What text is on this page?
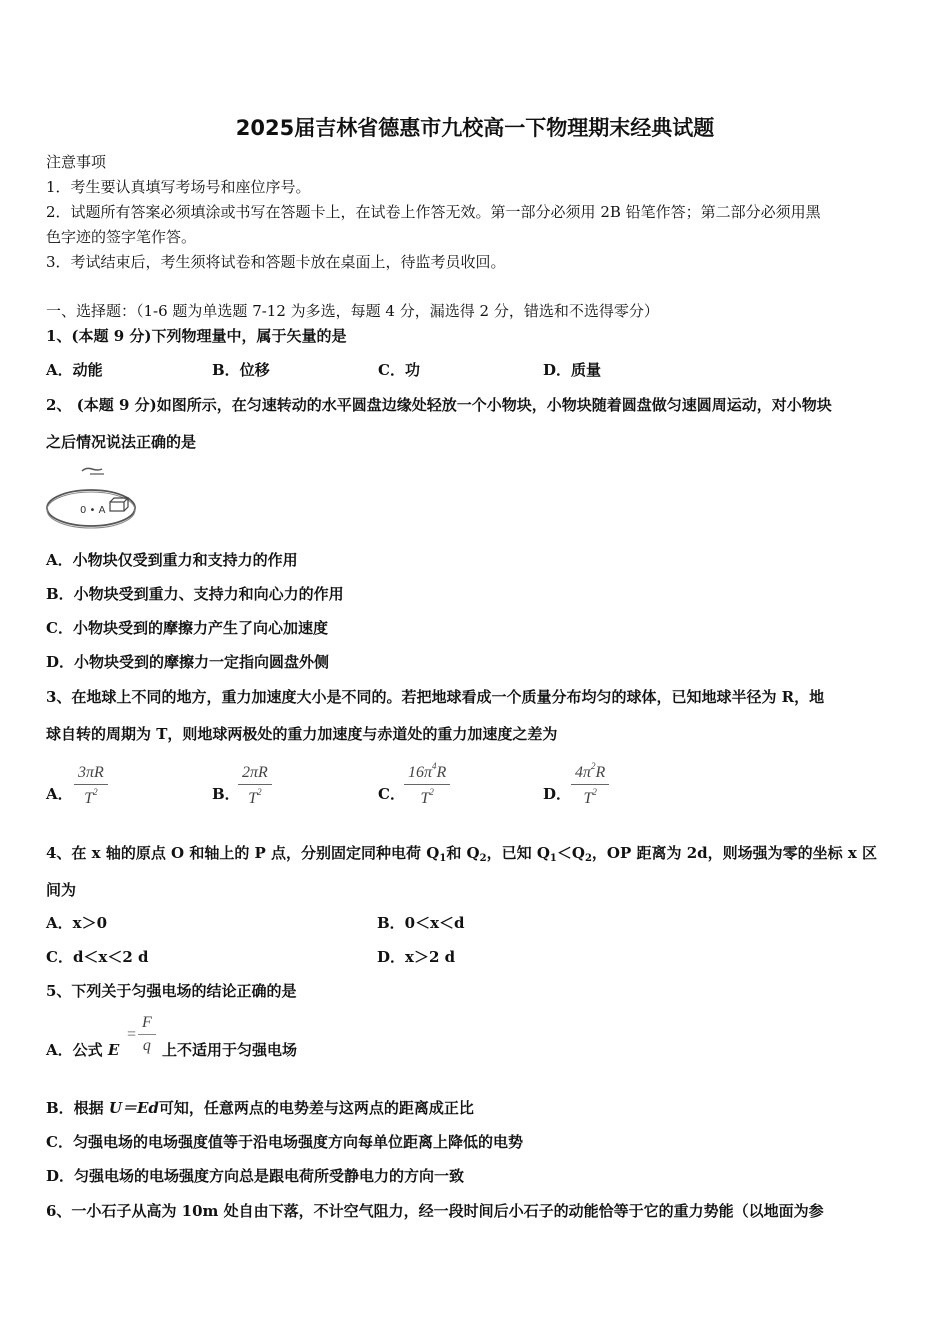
2025届吉林省德惠市九校高一下物理期末经典试题
注意事项
1．考生要认真填写考场号和座位序号。
2．试题所有答案必须填涂或书写在答题卡上，在试卷上作答无效。第一部分必须用 2B 铅笔作答；第二部分必须用黑
色字迹的签字笔作答。
3．考试结束后，考生须将试卷和答题卡放在桌面上，待监考员收回。
一、选择题：（1-6 题为单选题 7-12 为多选，每题 4 分，漏选得 2 分，错选和不选得零分）
1、(本题 9 分)下列物理量中，属于矢量的是
A．动能	B．位移	C．功	D．质量
2、 (本题 9 分)如图所示，在匀速转动的水平圆盘边缘处轻放一个小物块，小物块随着圆盘做匀速圆周运动，对小物块
之后情况说法正确的是
0 • A
A．小物块仅受到重力和支持力的作用
B．小物块受到重力、支持力和向心力的作用
C．小物块受到的摩擦力产生了向心加速度
D．小物块受到的摩擦力一定指向圆盘外侧
3、在地球上不同的地方，重力加速度大小是不同的。若把地球看成一个质量分布均匀的球体，已知地球半径为 R，地
球自转的周期为 T，则地球两极处的重力加速度与赤道处的重力加速度之差为
A． $\frac{3\pi R}{T^2}$	B．
$\frac{2\pi R}{T^2}$	C． $\frac{16\pi^4R}{T^2}$	D． $\frac{4\pi^2R}{T^2}$
4、在 x 轴的原点 O 和轴上的 P 点，分别固定同种电荷 $Q_1$和 $Q_2$，已知 $Q_1<Q_2$，OP 距离为 2d，则场强为零的坐标 x 区
间为
A．x＞0	B．0＜x＜d
C．d＜x＜2 d	D．x＞2 d
5、下列关于匀强电场的结论正确的是
A．公式 E
= $\frac{F}{q}$ 上不适用于匀强电场
B．根据 U＝Ed可知，任意两点的电势差与这两点的距离成正比
C．匀强电场的电场强度值等于沿电场强度方向每单位距离上降低的电势
D．匀强电场的电场强度方向总是跟电荷所受静电力的方向一致
6、一小石子从高为 10m 处自由下落，不计空气阻力，经一段时间后小石子的动能恰等于它的重力势能（以地面为参
